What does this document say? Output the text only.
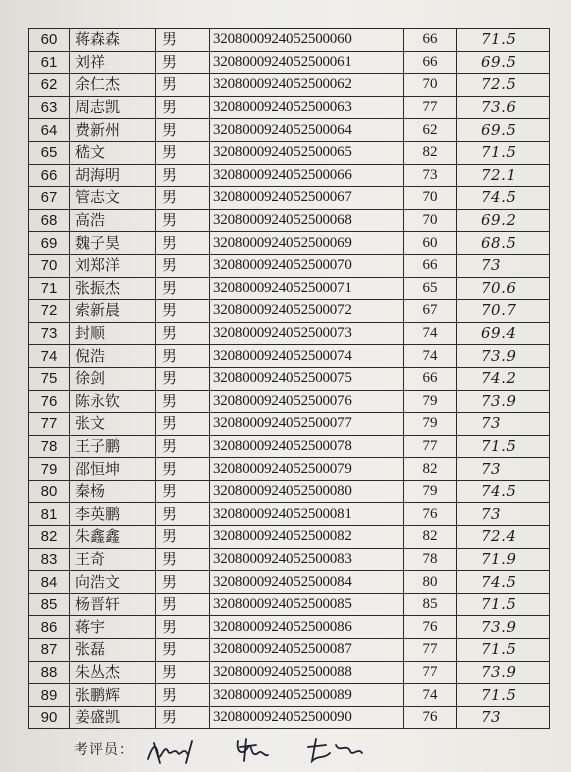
60	蒋森森	男	3208000924052500060	66	71.5
61	刘祥	男	3208000924052500061	66	69.5
62	余仁杰	男	3208000924052500062	70	72.5
63	周志凯	男	3208000924052500063	77	73.6
64	费新州	男	3208000924052500064	62	69.5
65	嵇文	男	3208000924052500065	82	71.5
66	胡海明	男	3208000924052500066	73	72.1
67	管志文	男	3208000924052500067	70	74.5
68	高浩	男	3208000924052500068	70	69.2
69	魏子昊	男	3208000924052500069	60	68.5
70	刘郑洋	男	3208000924052500070	66	73
71	张振杰	男	3208000924052500071	65	70.6
72	索新晨	男	3208000924052500072	67	70.7
73	封顺	男	3208000924052500073	74	69.4
74	倪浩	男	3208000924052500074	74	73.9
75	徐剑	男	3208000924052500075	66	74.2
76	陈永钦	男	3208000924052500076	79	73.9
77	张文	男	3208000924052500077	79	73
78	王子鹏	男	3208000924052500078	77	71.5
79	邵恒坤	男	3208000924052500079	82	73
80	秦杨	男	3208000924052500080	79	74.5
81	李英鹏	男	3208000924052500081	76	73
82	朱鑫鑫	男	3208000924052500082	82	72.4
83	王奇	男	3208000924052500083	78	71.9
84	向浩文	男	3208000924052500084	80	74.5
85	杨晋轩	男	3208000924052500085	85	71.5
86	蒋宇	男	3208000924052500086	76	73.9
87	张磊	男	3208000924052500087	77	71.5
88	朱丛杰	男	3208000924052500088	77	73.9
89	张鹏辉	男	3208000924052500089	74	71.5
90	姜盛凯	男	3208000924052500090	76	73
考评员：
